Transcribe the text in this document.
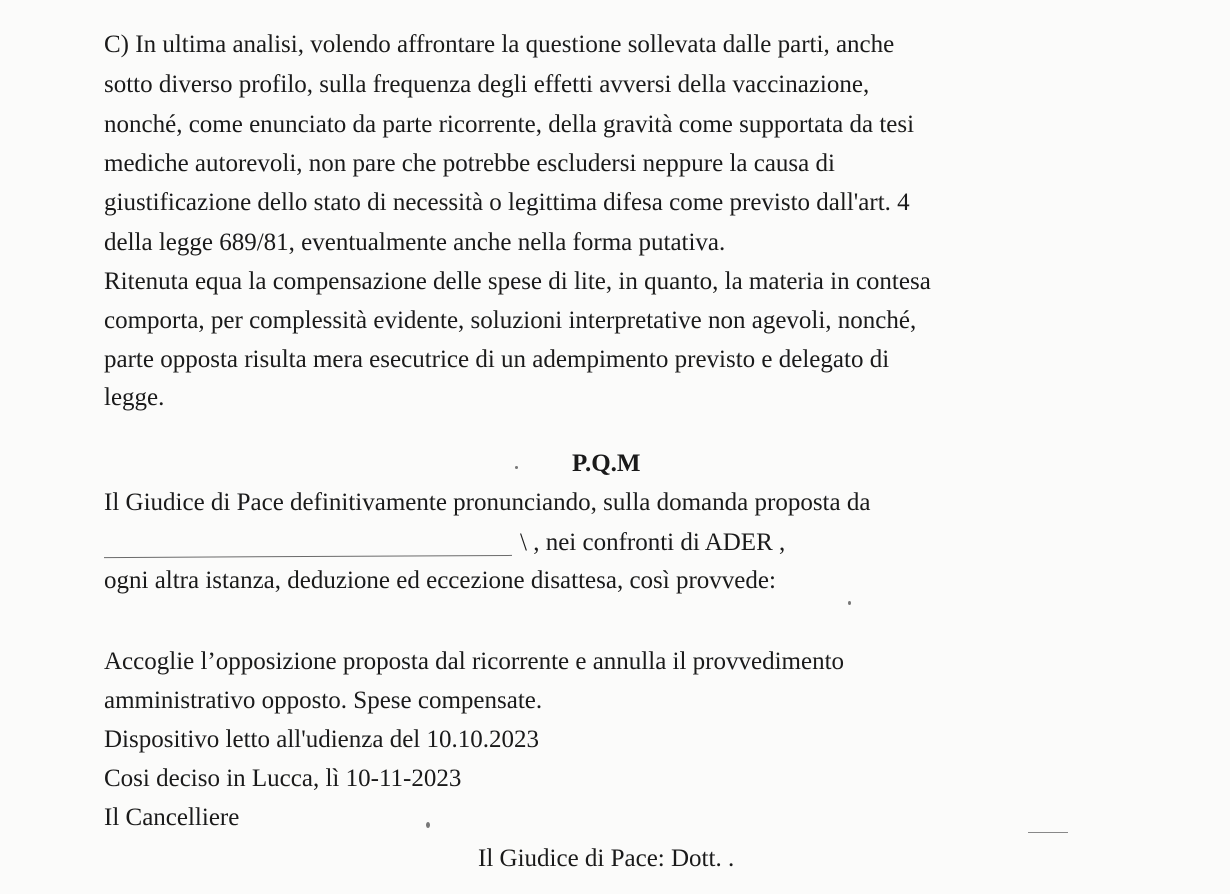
C) In ultima analisi, volendo affrontare la questione sollevata dalle parti, anche
sotto diverso profilo, sulla frequenza degli effetti avversi della vaccinazione,
nonché, come enunciato da parte ricorrente, della gravità come supportata da tesi
mediche autorevoli, non pare che potrebbe escludersi neppure la causa di
giustificazione dello stato di necessità o legittima difesa come previsto dall'art. 4
della legge 689/81, eventualmente anche nella forma putativa.
Ritenuta equa la compensazione delle spese di lite, in quanto, la materia in contesa
comporta, per complessità evidente, soluzioni interpretative non agevoli, nonché,
parte opposta risulta mera esecutrice di un adempimento previsto e delegato di
legge.
P.Q.M
Il Giudice di Pace definitivamente pronunciando, sulla domanda proposta da
\ , nei confronti di ADER ,
ogni altra istanza, deduzione ed eccezione disattesa, così provvede:
Accoglie l’opposizione proposta dal ricorrente e annulla il provvedimento
amministrativo opposto. Spese compensate.
Dispositivo letto all'udienza del 10.10.2023
Cosi deciso in Lucca, lì 10-11-2023
Il Cancelliere
Il Giudice di Pace: Dott. .
